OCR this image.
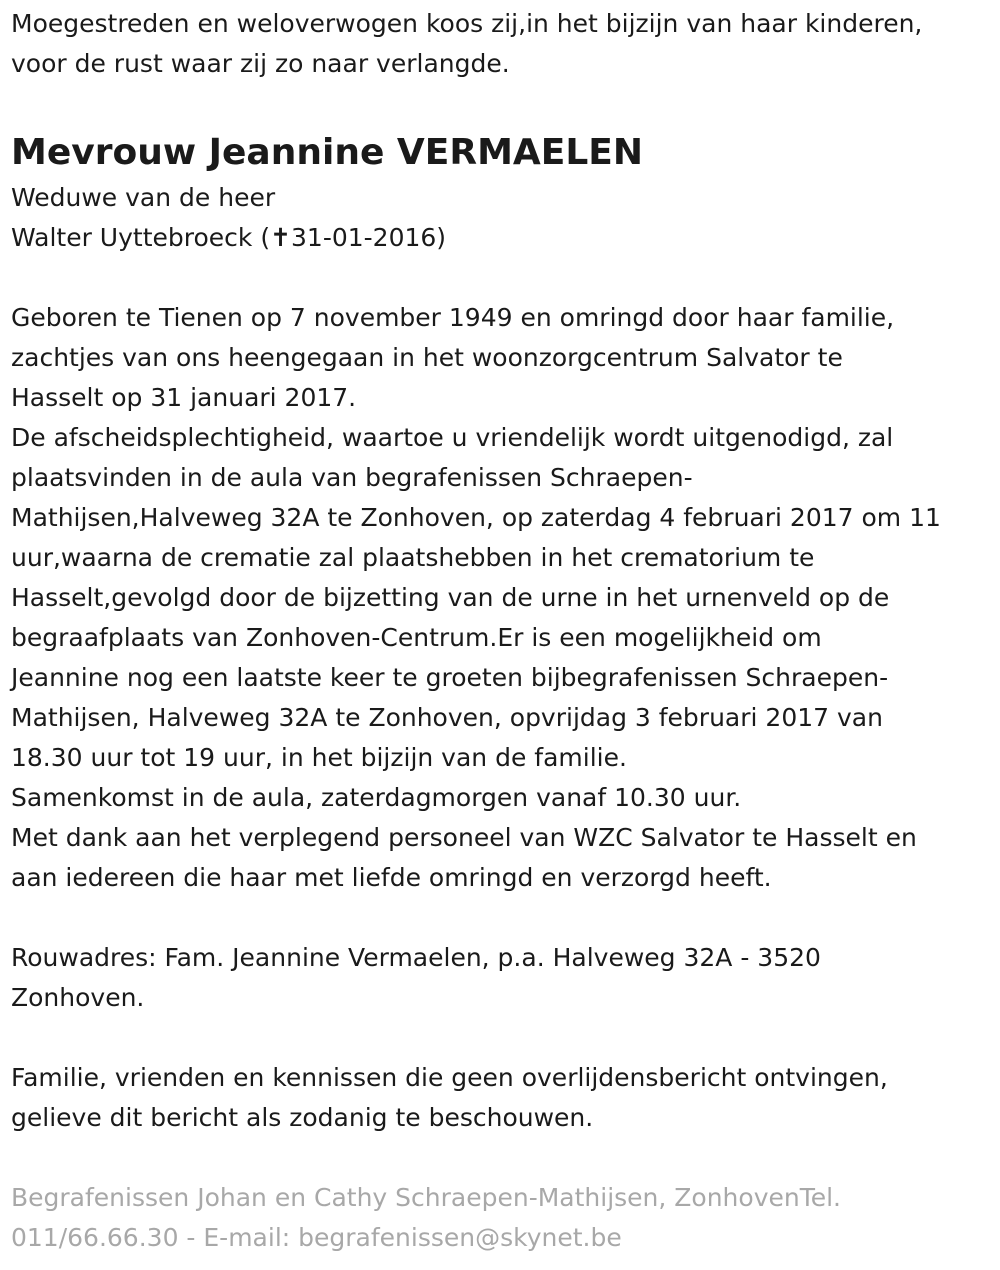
Moegestreden en weloverwogen koos zij,in het bijzijn van haar kinderen,

voor de rust waar zij zo naar verlangde.

Mevrouw Jeannine VERMAELEN

Weduwe van de heer

Walter Uyttebroeck (✝31-01-2016)

Geboren te Tienen op 7 november 1949 en omringd door haar familie,

zachtjes van ons heengegaan in het woonzorgcentrum Salvator te

Hasselt op 31 januari 2017.

De afscheidsplechtigheid, waartoe u vriendelijk wordt uitgenodigd, zal

plaatsvinden in de aula van begrafenissen Schraepen-

Mathijsen,Halveweg 32A te Zonhoven, op zaterdag 4 februari 2017 om 11

uur,waarna de crematie zal plaatshebben in het crematorium te

Hasselt,gevolgd door de bijzetting van de urne in het urnenveld op de

begraafplaats van Zonhoven-Centrum.Er is een mogelijkheid om

Jeannine nog een laatste keer te groeten bijbegrafenissen Schraepen-

Mathijsen, Halveweg 32A te Zonhoven, opvrijdag 3 februari 2017 van

18.30 uur tot 19 uur, in het bijzijn van de familie.

Samenkomst in de aula, zaterdagmorgen vanaf 10.30 uur.

Met dank aan het verplegend personeel van WZC Salvator te Hasselt en

aan iedereen die haar met liefde omringd en verzorgd heeft.

Rouwadres: Fam. Jeannine Vermaelen, p.a. Halveweg 32A - 3520

Zonhoven.

Familie, vrienden en kennissen die geen overlijdensbericht ontvingen,

gelieve dit bericht als zodanig te beschouwen.

Begrafenissen Johan en Cathy Schraepen-Mathijsen, ZonhovenTel.

011/66.66.30 - E-mail: begrafenissen@skynet.be
